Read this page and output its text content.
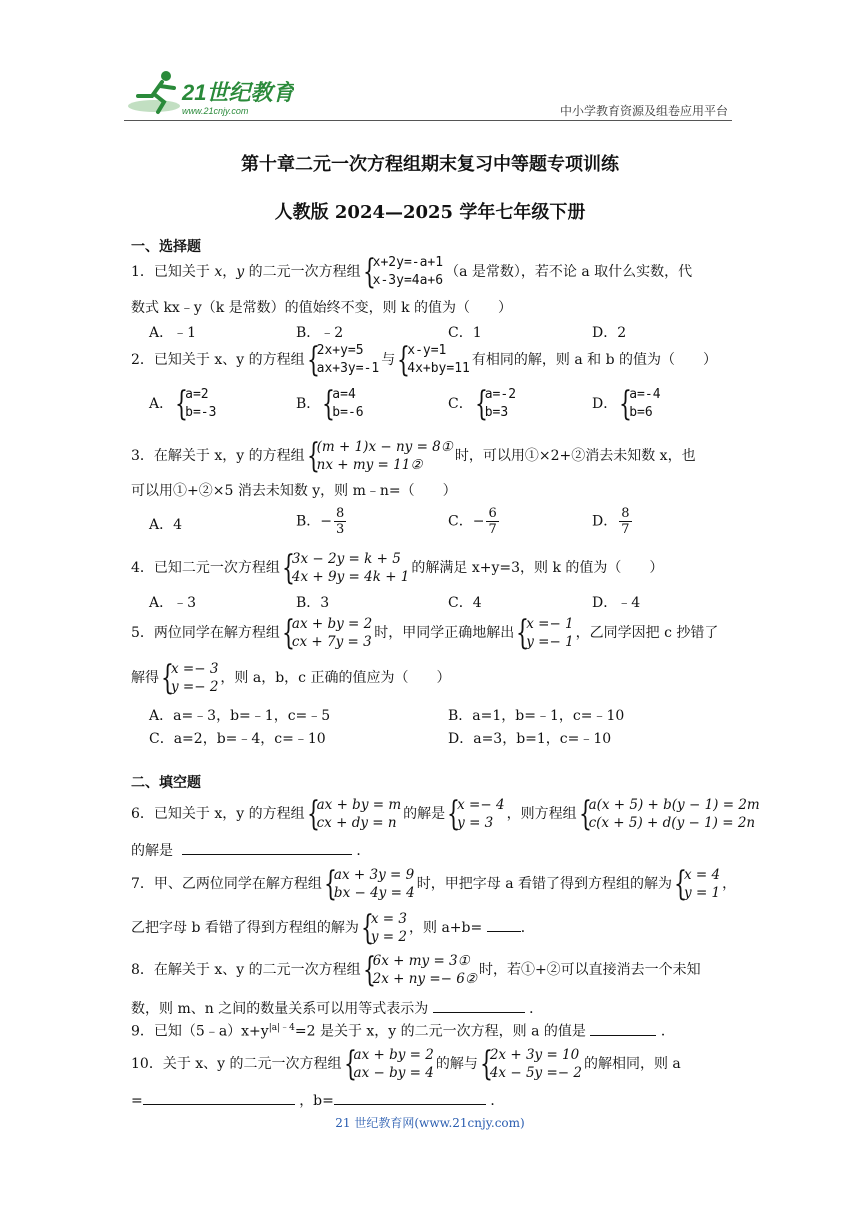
21世纪教育
www.21cnjy.com	中小学教育资源及组卷应用平台
第十章二元一次方程组期末复习中等题专项训练
人教版 2024—2025 学年七年级下册
一、选择题
1．已知关于 x，y 的二元一次方程组 {
x+2y=-a+1
x-3y=4a+6
（a 是常数），若不论 a 取什么实数，代
数式 kx﹣y（k 是常数）的值始终不变，则 k 的值为（　　）
A．﹣1	B．﹣2	C．1	D．2
2．已知关于 x、y 的方程组 {
2x+y=5
ax+3y=-1
与 {
x-y=1
4x+by=11
有相同的解，则 a 和 b 的值为（　　）
A． {
a=2
b=-3
B． {
a=4
b=-6
C． {
a=-2
b=3
D． {
a=-4
b=6
3．在解关于 x，y 的方程组 {
(m + 1)x − ny = 8①
nx + my = 11②
时，可以用①×2+②消去未知数 x，也
可以用①+②×5 消去未知数 y，则 m﹣n=（　　）
A．4	B．− $\frac{8}{3}$	C．− $\frac{6}{7}$	D． $\frac{8}{7}$
4．已知二元一次方程组 {
3x − 2y = k + 5
4x + 9y = 4k + 1
的解满足 x+y=3，则 k 的值为（　　）
A．﹣3	B．3	C．4	D．﹣4
5．两位同学在解方程组 {
ax + by = 2
cx + 7y = 3
时，甲同学正确地解出 {
x =− 1
y =− 1
，乙同学因把 c 抄错了
解得 {
x =− 3
y =− 2
，则 a，b，c 正确的值应为（　　）
A．a=﹣3，b=﹣1，c=﹣5	B．a=1，b=﹣1，c=﹣10
C．a=2，b=﹣4，c=﹣10	D．a=3，b=1，c=﹣10
二、填空题
6．已知关于 x，y 的方程组 {
ax + by = m
cx + dy = n
的解是 {
x =− 4
y = 3
，则方程组 {
a(x + 5) + b(y − 1) = 2m
c(x + 5) + d(y − 1) = 2n
的解是	．
7．甲、乙两位同学在解方程组 {
ax + 3y = 9
bx − 4y = 4
时，甲把字母 a 看错了得到方程组的解为 {
x = 4
y = 1
，
乙把字母 b 看错了得到方程组的解为 {
x = 3
y = 2
，则 a+b=	．
8．在解关于 x、y 的二元一次方程组 {
6x + my = 3①
2x + ny =− 6②
时，若①+②可以直接消去一个未知
数，则 m、n 之间的数量关系可以用等式表示为	．
9．已知$(5﹣a)x+y^{|a|﹣4}=2$ 是关于 x，y 的二元一次方程，则 a 的值是	．
10．关于 x、y 的二元一次方程组 {
ax + by = 2
ax − by = 4
的解与 {
2x + 3y = 10
4x − 5y =− 2
的解相同，则 a
=	，b=	．
21 世纪教育网(www.21cnjy.com)
